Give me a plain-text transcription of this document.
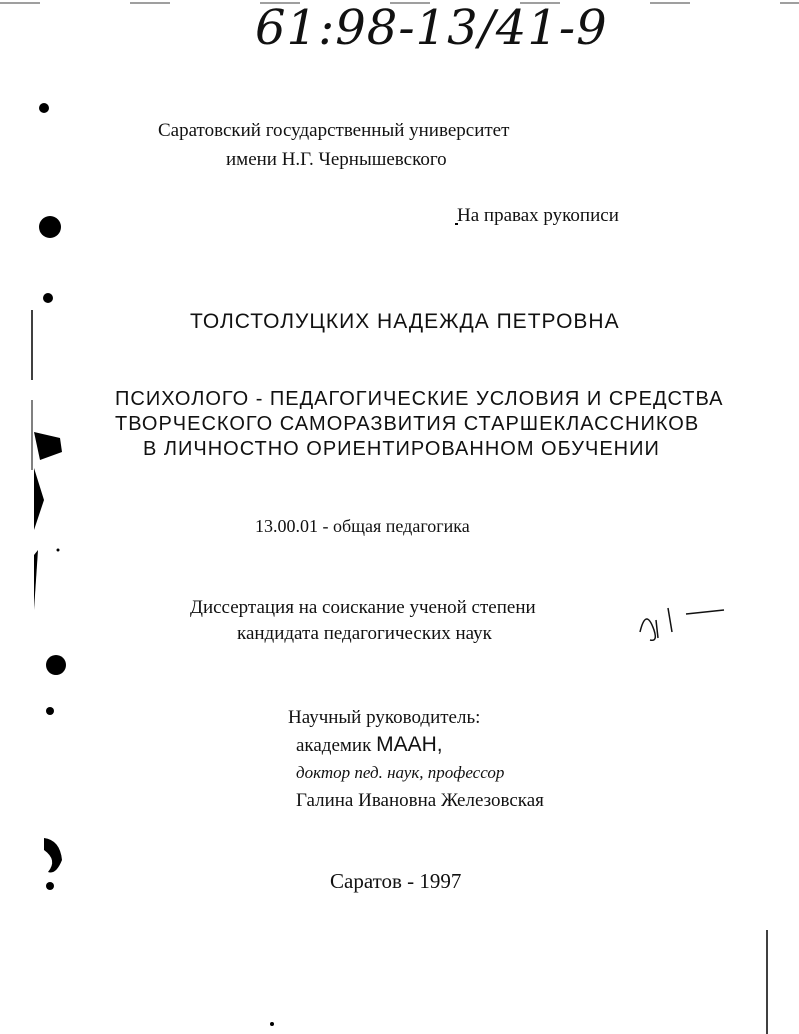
61:98-13/41-9
Саратовский государственный университет
имени Н.Г. Чернышевского
На правах рукописи
ТОЛСТОЛУЦКИХ НАДЕЖДА ПЕТРОВНА
ПСИХОЛОГО - ПЕДАГОГИЧЕСКИЕ УСЛОВИЯ И СРЕДСТВА
ТВОРЧЕСКОГО САМОРАЗВИТИЯ СТАРШЕКЛАССНИКОВ
В ЛИЧНОСТНО ОРИЕНТИРОВАННОМ ОБУЧЕНИИ
13.00.01 - общая педагогика
Диссертация на соискание ученой степени
кандидата педагогических наук
Научный руководитель:
академик МААН,
доктор пед. наук, профессор
Галина Ивановна Железовская
Саратов - 1997
